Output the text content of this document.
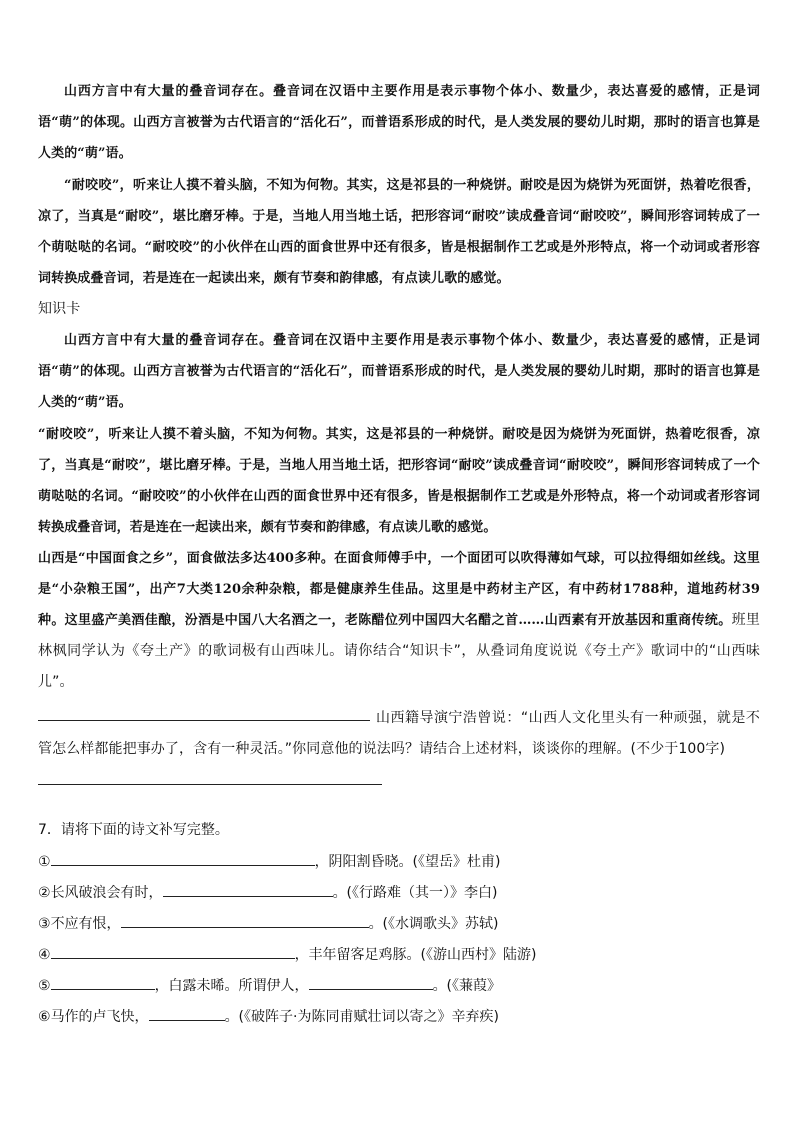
山西方言中有大量的叠音词存在。叠音词在汉语中主要作用是表示事物个体小、数量少，表达喜爱的感情，正是词语“萌”的体现。山西方言被誉为古代语言的“活化石”，而普语系形成的时代，是人类发展的婴幼儿时期，那时的语言也算是人类的“萌”语。

“耐咬咬”，听来让人摸不着头脑，不知为何物。其实，这是祁县的一种烧饼。耐咬是因为烧饼为死面饼，热着吃很香，凉了，当真是“耐咬”，堪比磨牙棒。于是，当地人用当地土话，把形容词“耐咬”读成叠音词“耐咬咬”，瞬间形容词转成了一个萌哒哒的名词。“耐咬咬”的小伙伴在山西的面食世界中还有很多，皆是根据制作工艺或是外形特点，将一个动词或者形容词转换成叠音词，若是连在一起读出来，颇有节奏和韵律感，有点读儿歌的感觉。

知识卡

山西方言中有大量的叠音词存在。叠音词在汉语中主要作用是表示事物个体小、数量少，表达喜爱的感情，正是词语“萌”的体现。山西方言被誉为古代语言的“活化石”，而普语系形成的时代，是人类发展的婴幼儿时期，那时的语言也算是人类的“萌”语。

“耐咬咬”，听来让人摸不着头脑，不知为何物。其实，这是祁县的一种烧饼。耐咬是因为烧饼为死面饼，热着吃很香，凉了，当真是“耐咬”，堪比磨牙棒。于是，当地人用当地土话，把形容词“耐咬”读成叠音词“耐咬咬”，瞬间形容词转成了一个萌哒哒的名词。“耐咬咬”的小伙伴在山西的面食世界中还有很多，皆是根据制作工艺或是外形特点，将一个动词或者形容词转换成叠音词，若是连在一起读出来，颇有节奏和韵律感，有点读儿歌的感觉。

山西是“中国面食之乡”，面食做法多达400多种。在面食师傅手中，一个面团可以吹得薄如气球，可以拉得细如丝线。这里是“小杂粮王国”，出产7大类120余种杂粮，都是健康养生佳品。这里是中药材主产区，有中药材1788种，道地药材39种。这里盛产美酒佳酿，汾酒是中国八大名酒之一，老陈醋位列中国四大名醋之首……山西素有开放基因和重商传统。班里林枫同学认为《夸土产》的歌词极有山西味儿。请你结合“知识卡”，从叠词角度说说《夸土产》歌词中的“山西味儿”。

山西籍导演宁浩曾说：“山西人文化里头有一种顽强，就是不管怎么样都能把事办了，含有一种灵活。”你同意他的说法吗？请结合上述材料，谈谈你的理解。(不少于100字)

7．请将下面的诗文补写完整。
①	，阴阳割昏晓。(《望岳》杜甫)
②长风破浪会有时，	。(《行路难（其一）》李白)
③不应有恨，	。(《水调歌头》苏轼)
④	，丰年留客足鸡豚。(《游山西村》陆游)
⑤	，白露未晞。所谓伊人，	。(《蒹葭》
⑥马作的卢飞快，	。(《破阵子·为陈同甫赋壮词以寄之》辛弃疾)
